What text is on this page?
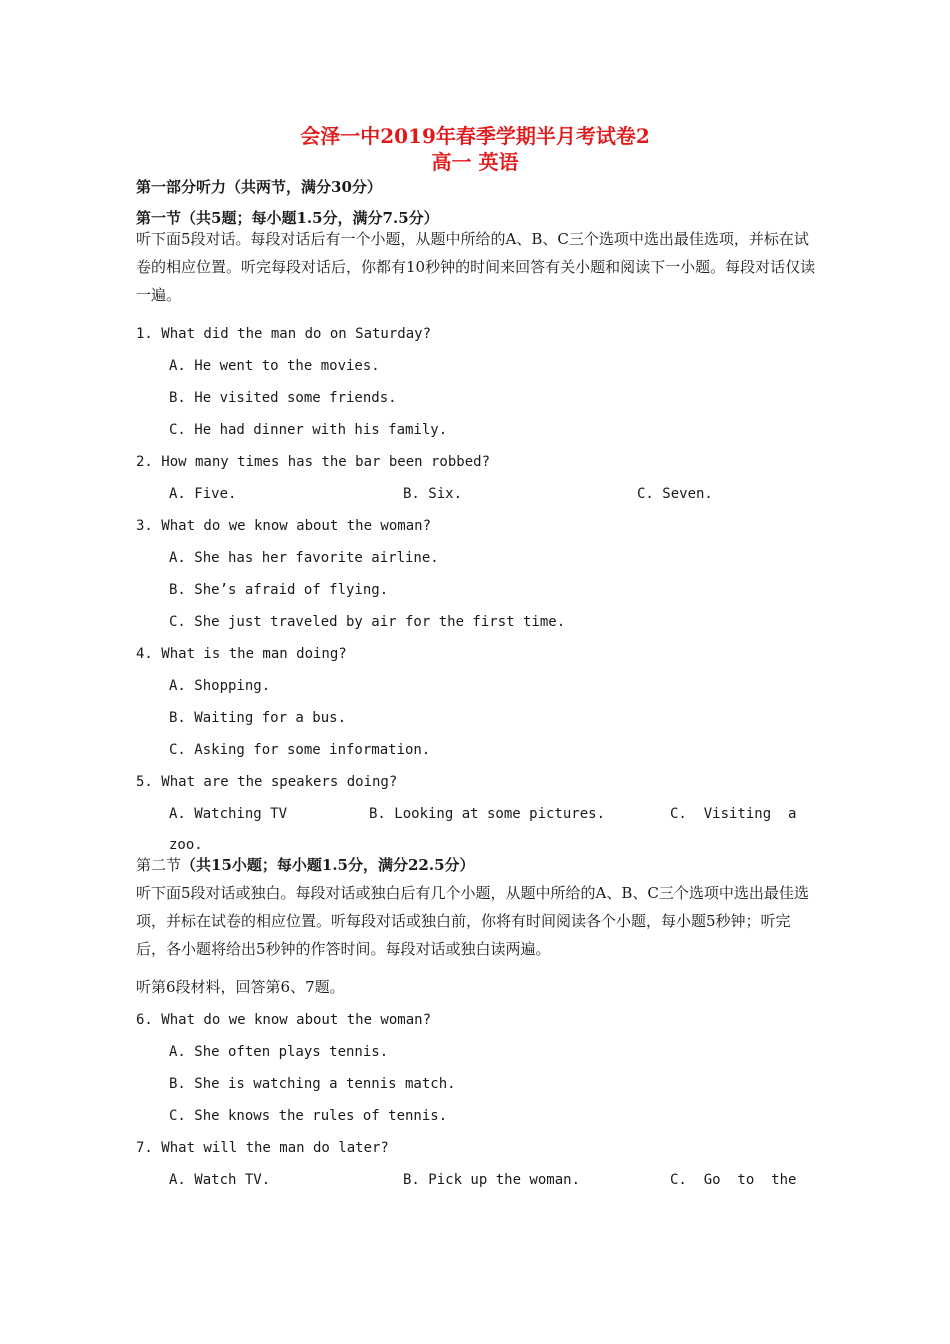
会泽一中2019年春季学期半月考试卷2
高一 英语
第一部分听力（共两节，满分30分）
第一节（共5题；每小题1.5分，满分7.5分）
听下面5段对话。每段对话后有一个小题，从题中所给的A、B、C三个选项中选出最佳选项，并标在试卷的相应位置。听完每段对话后，你都有10秒钟的时间来回答有关小题和阅读下一小题。每段对话仅读一遍。
1. What did the man do on Saturday?
A. He went to the movies.
B. He visited some friends.
C. He had dinner with his family.
2. How many times has the bar been robbed?
A. Five.	B. Six.	C. Seven.
3. What do we know about the woman?
A. She has her favorite airline.
B. She’s afraid of flying.
C. She just traveled by air for the first time.
4. What is the man doing?
A. Shopping.
B. Waiting for a bus.
C. Asking for some information.
5. What are the speakers doing?
A. Watching TV	B. Looking at some pictures.	C.  Visiting  a
zoo.
第二节（共15小题；每小题1.5分，满分22.5分）
听下面5段对话或独白。每段对话或独白后有几个小题，从题中所给的A、B、C三个选项中选出最佳选项，并标在试卷的相应位置。听每段对话或独白前，你将有时间阅读各个小题，每小题5秒钟；听完后，各小题将给出5秒钟的作答时间。每段对话或独白读两遍。
听第6段材料，回答第6、7题。
6. What do we know about the woman?
A. She often plays tennis.
B. She is watching a tennis match.
C. She knows the rules of tennis.
7. What will the man do later?
A. Watch TV.	B. Pick up the woman.	C.  Go  to  the
